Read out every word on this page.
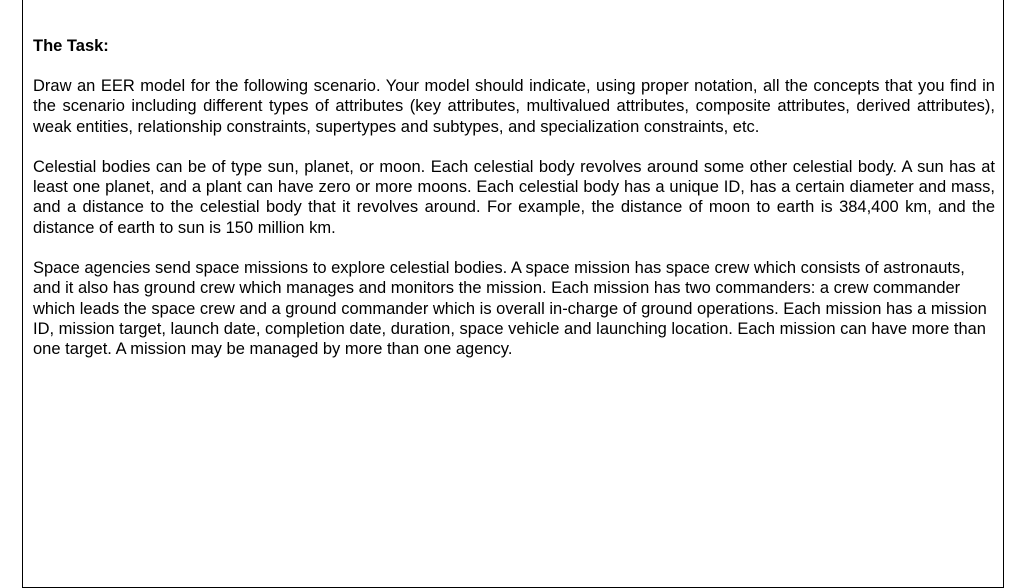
The Task:

Draw an EER model for the following scenario. Your model should indicate, using proper notation, all the concepts that you find in the scenario including different types of attributes (key attributes, multivalued attributes, composite attributes, derived attributes), weak entities, relationship constraints, supertypes and subtypes, and specialization constraints, etc.

Celestial bodies can be of type sun, planet, or moon. Each celestial body revolves around some other celestial body. A sun has at least one planet, and a plant can have zero or more moons. Each celestial body has a unique ID, has a certain diameter and mass, and a distance to the celestial body that it revolves around. For example, the distance of moon to earth is 384,400 km, and the distance of earth to sun is 150 million km.

Space agencies send space missions to explore celestial bodies. A space mission has space crew which consists of astronauts, and it also has ground crew which manages and monitors the mission. Each mission has two commanders: a crew commander which leads the space crew and a ground commander which is overall in-charge of ground operations. Each mission has a mission ID, mission target, launch date, completion date, duration, space vehicle and launching location. Each mission can have more than one target. A mission may be managed by more than one agency.
